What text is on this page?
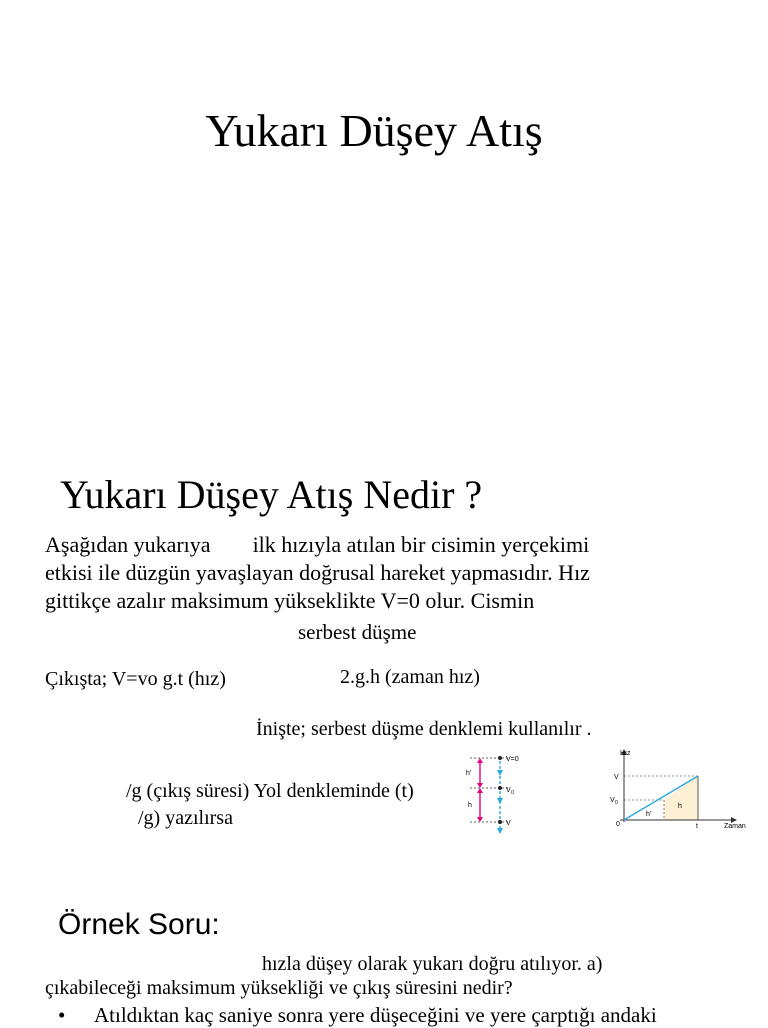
Yukarı Düşey Atış
Yukarı Düşey Atış Nedir ?
Aşağıdan yukarıya ilk hızıyla atılan bir cisimin yerçekimi
etkisi ile düzgün yavaşlayan doğrusal hareket yapmasıdır. Hız
gittikçe azalır maksimum yükseklikte V=0 olur. Cismin
serbest düşme
Çıkışta; V=vo g.t (hız)	2.g.h (zaman hız)
İnişte; serbest düşme denklemi kullanılır .
/g (çıkış süresi) Yol denkleminde (t)
/g) yazılırsa
h'
h
V=0
V 0
V
Hız
Zaman
V
V 0
0	t
h'
h
Örnek Soru:
hızla düşey olarak yukarı doğru atılıyor. a)
çıkabileceği maksimum yüksekliği ve çıkış süresini nedir?
• Atıldıktan kaç saniye sonra yere düşeceğini ve yere çarptığı andaki
